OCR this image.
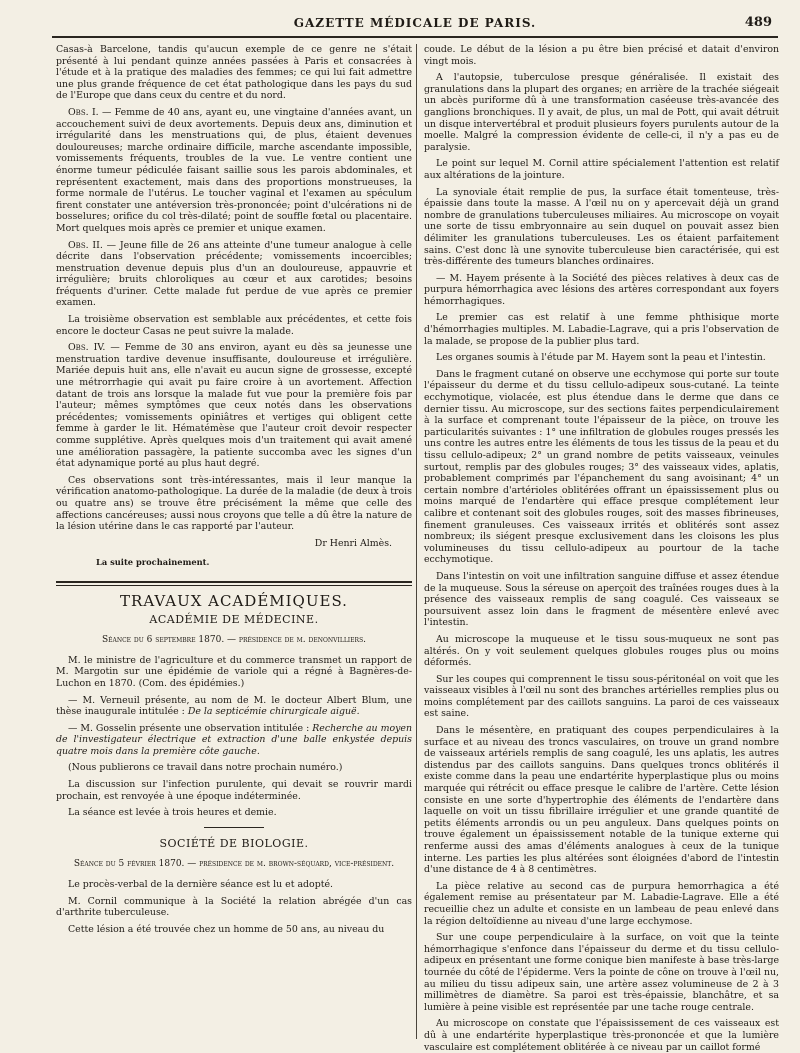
GAZETTE MÉDICALE DE PARIS.	489

Casas-à Barcelone, tandis qu'aucun exemple de ce genre ne s'était présenté à lui pendant quinze années passées à Paris et consacrées à l'étude et à la pratique des maladies des femmes; ce qui lui fait admettre une plus grande fréquence de cet état pathologique dans les pays du sud de l'Europe que dans ceux du centre et du nord.

Obs. I. — Femme de 40 ans, ayant eu, une vingtaine d'années avant, un accouchement suivi de deux avortements. Depuis deux ans, diminution et irrégularité dans les menstruations qui, de plus, étaient devenues douloureuses; marche ordinaire difficile, marche ascendante impossible, vomissements fréquents, troubles de la vue. Le ventre contient une énorme tumeur pédiculée faisant saillie sous les parois abdominales, et représentent exactement, mais dans des proportions monstrueuses, la forme normale de l'utérus. Le toucher vaginal et l'examen au spéculum firent constater une antéversion très-prononcée; point d'ulcérations ni de bosselures; orifice du col très-dilaté; point de souffle fœtal ou placentaire. Mort quelques mois après ce premier et unique examen.

Obs. II. — Jeune fille de 26 ans atteinte d'une tumeur analogue à celle décrite dans l'observation précédente; vomissements incoercibles; menstruation devenue depuis plus d'un an douloureuse, appauvrie et irrégulière; bruits chloroliques au cœur et aux carotides; besoins fréquents d'uriner. Cette malade fut perdue de vue après ce premier examen.

La troisième observation est semblable aux précédentes, et cette fois encore le docteur Casas ne peut suivre la malade.

Obs. IV. — Femme de 30 ans environ, ayant eu dès sa jeunesse une menstruation tardive devenue insuffisante, douloureuse et irrégulière. Mariée depuis huit ans, elle n'avait eu aucun signe de grossesse, excepté une métrorrhagie qui avait pu faire croire à un avortement. Affection datant de trois ans lorsque la malade fut vue pour la première fois par l'auteur; mêmes symptômes que ceux notés dans les observations précédentes; vomissements opiniâtres et vertiges qui obligent cette femme à garder le lit. Hématémèse que l'auteur croit devoir respecter comme supplétive. Après quelques mois d'un traitement qui avait amené une amélioration passagère, la patiente succomba avec les signes d'un état adynamique porté au plus haut degré.

Ces observations sont très-intéressantes, mais il leur manque la vérification anatomo-pathologique. La durée de la maladie (de deux à trois ou quatre ans) se trouve être précisément la même que celle des affections cancéreuses; aussi nous croyons que telle a dû être la nature de la lésion utérine dans le cas rapporté par l'auteur.

Dr Henri Almès.
La suite prochainement.
TRAVAUX ACADÉMIQUES.
ACADÉMIE DE MÉDECINE.
Séance du 6 septembre 1870. — présidence de m. denonvilliers.

M. le ministre de l'agriculture et du commerce transmet un rapport de M. Margotin sur une épidémie de variole qui a régné à Bagnères-de-Luchon en 1870. (Com. des épidémies.)

— M. Verneuil présente, au nom de M. le docteur Albert Blum, une thèse inaugurale intitulée : De la septicémie chirurgicale aiguë.

— M. Gosselin présente une observation intitulée : Recherche au moyen de l'investigateur électrique et extraction d'une balle enkystée depuis quatre mois dans la première côte gauche.

(Nous publierons ce travail dans notre prochain numéro.)

La discussion sur l'infection purulente, qui devait se rouvrir mardi prochain, est renvoyée à une époque indéterminée.

La séance est levée à trois heures et demie.

SOCIÉTÉ DE BIOLOGIE.
Séance du 5 février 1870. — présidence de m. brown-séquard, vice-président.

Le procès-verbal de la dernière séance est lu et adopté.

M. Cornil communique à la Société la relation abrégée d'un cas d'arthrite tuberculeuse.

Cette lésion a été trouvée chez un homme de 50 ans, au niveau du

coude. Le début de la lésion a pu être bien précisé et datait d'environ vingt mois.

A l'autopsie, tuberculose presque généralisée. Il existait des granulations dans la plupart des organes; en arrière de la trachée siégeait un abcès puriforme dû à une transformation caséeuse très-avancée des ganglions bronchiques. Il y avait, de plus, un mal de Pott, qui avait détruit un disque intervertébral et produit plusieurs foyers purulents autour de la moelle. Malgré la compression évidente de celle-ci, il n'y a pas eu de paralysie.

Le point sur lequel M. Cornil attire spécialement l'attention est relatif aux altérations de la jointure.

La synoviale était remplie de pus, la surface était tomenteuse, très-épaissie dans toute la masse. A l'œil nu on y apercevait déjà un grand nombre de granulations tuberculeuses miliaires. Au microscope on voyait une sorte de tissu embryonnaire au sein duquel on pouvait assez bien délimiter les granulations tuberculeuses. Les os étaient parfaitement sains. C'est donc là une synovite tuberculeuse bien caractérisée, qui est très-différente des tumeurs blanches ordinaires.

— M. Hayem présente à la Société des pièces relatives à deux cas de purpura hémorrhagica avec lésions des artères correspondant aux foyers hémorrhagiques.

Le premier cas est relatif à une femme phthisique morte d'hémorrhagies multiples. M. Labadie-Lagrave, qui a pris l'observation de la malade, se propose de la publier plus tard.

Les organes soumis à l'étude par M. Hayem sont la peau et l'intestin.

Dans le fragment cutané on observe une ecchymose qui porte sur toute l'épaisseur du derme et du tissu cellulo-adipeux sous-cutané. La teinte ecchymotique, violacée, est plus étendue dans le derme que dans ce dernier tissu. Au microscope, sur des sections faites perpendiculairement à la surface et comprenant toute l'épaisseur de la pièce, on trouve les particularités suivantes : 1° une infiltration de globules rouges pressés les uns contre les autres entre les éléments de tous les tissus de la peau et du tissu cellulo-adipeux; 2° un grand nombre de petits vaisseaux, veinules surtout, remplis par des globules rouges; 3° des vaisseaux vides, aplatis, probablement comprimés par l'épanchement du sang avoisinant; 4° un certain nombre d'artérioles oblitérées offrant un épaississement plus ou moins marqué de l'endartère qui efface presque complétement leur calibre et contenant soit des globules rouges, soit des masses fibrineuses, finement granuleuses. Ces vaisseaux irrités et oblitérés sont assez nombreux; ils siégent presque exclusivement dans les cloisons les plus volumineuses du tissu cellulo-adipeux au pourtour de la tache ecchymotique.

Dans l'intestin on voit une infiltration sanguine diffuse et assez étendue de la muqueuse. Sous la séreuse on aperçoit des traînées rouges dues à la présence des vaisseaux remplis de sang coagulé. Ces vaisseaux se poursuivent assez loin dans le fragment de mésentère enlevé avec l'intestin.

Au microscope la muqueuse et le tissu sous-muqueux ne sont pas altérés. On y voit seulement quelques globules rouges plus ou moins déformés.

Sur les coupes qui comprennent le tissu sous-péritonéal on voit que les vaisseaux visibles à l'œil nu sont des branches artérielles remplies plus ou moins complétement par des caillots sanguins. La paroi de ces vaisseaux est saine.

Dans le mésentère, en pratiquant des coupes perpendiculaires à la surface et au niveau des troncs vasculaires, on trouve un grand nombre de vaisseaux artériels remplis de sang coagulé, les uns aplatis, les autres distendus par des caillots sanguins. Dans quelques troncs oblitérés il existe comme dans la peau une endartérite hyperplastique plus ou moins marquée qui rétrécit ou efface presque le calibre de l'artère. Cette lésion consiste en une sorte d'hypertrophie des éléments de l'endartère dans laquelle on voit un tissu fibrillaire irrégulier et une grande quantité de petits éléments arrondis ou un peu anguleux. Dans quelques points on trouve également un épaississement notable de la tunique externe qui renferme aussi des amas d'éléments analogues à ceux de la tunique interne. Les parties les plus altérées sont éloignées d'abord de l'intestin d'une distance de 4 à 8 centimètres.

La pièce relative au second cas de purpura hemorrhagica a été également remise au présentateur par M. Labadie-Lagrave. Elle a été recueillie chez un adulte et consiste en un lambeau de peau enlevé dans la région deltoïdienne au niveau d'une large ecchymose.

Sur une coupe perpendiculaire à la surface, on voit que la teinte hémorrhagique s'enfonce dans l'épaisseur du derme et du tissu cellulo-adipeux en présentant une forme conique bien manifeste à base très-large tournée du côté de l'épiderme. Vers la pointe de cône on trouve à l'œil nu, au milieu du tissu adipeux sain, une artère assez volumineuse de 2 à 3 millimètres de diamètre. Sa paroi est très-épaissie, blanchâtre, et sa lumière à peine visible est représentée par une tache rouge centrale.

Au microscope on constate que l'épaississement de ces vaisseaux est dû à une endartérite hyperplastique très-prononcée et que la lumière vasculaire est complétement oblitérée à ce niveau par un caillot formé
